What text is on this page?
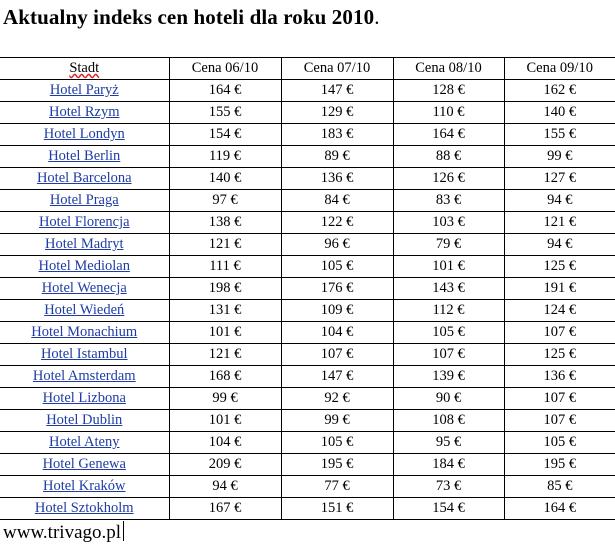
Aktualny indeks cen hoteli dla roku 2010.
Stadt	Cena 06/10	Cena 07/10	Cena 08/10	Cena 09/10
Hotel Paryż	164 €	147 €	128 €	162 €
Hotel Rzym	155 €	129 €	110 €	140 €
Hotel Londyn	154 €	183 €	164 €	155 €
Hotel Berlin	119 €	89 €	88 €	99 €
Hotel Barcelona	140 €	136 €	126 €	127 €
Hotel Praga	97 €	84 €	83 €	94 €
Hotel Florencja	138 €	122 €	103 €	121 €
Hotel Madryt	121 €	96 €	79 €	94 €
Hotel Mediolan	111 €	105 €	101 €	125 €
Hotel Wenecja	198 €	176 €	143 €	191 €
Hotel Wiedeń	131 €	109 €	112 €	124 €
Hotel Monachium	101 €	104 €	105 €	107 €
Hotel Istambul	121 €	107 €	107 €	125 €
Hotel Amsterdam	168 €	147 €	139 €	136 €
Hotel Lizbona	99 €	92 €	90 €	107 €
Hotel Dublin	101 €	99 €	108 €	107 €
Hotel Ateny	104 €	105 €	95 €	105 €
Hotel Genewa	209 €	195 €	184 €	195 €
Hotel Kraków	94 €	77 €	73 €	85 €
Hotel Sztokholm	167 €	151 €	154 €	164 €
www.trivago.pl
